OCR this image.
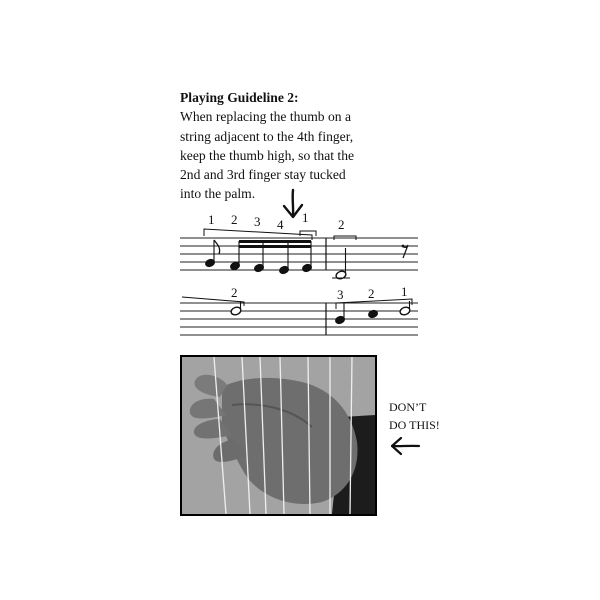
Playing Guideline 2:
When replacing the thumb on a
string adjacent to the 4th finger,
keep the thumb high, so that the
2nd and 3rd finger stay tucked
into the palm.
1 2 3 4 1 2
2	3 2 1
DON’T
DO THIS!
